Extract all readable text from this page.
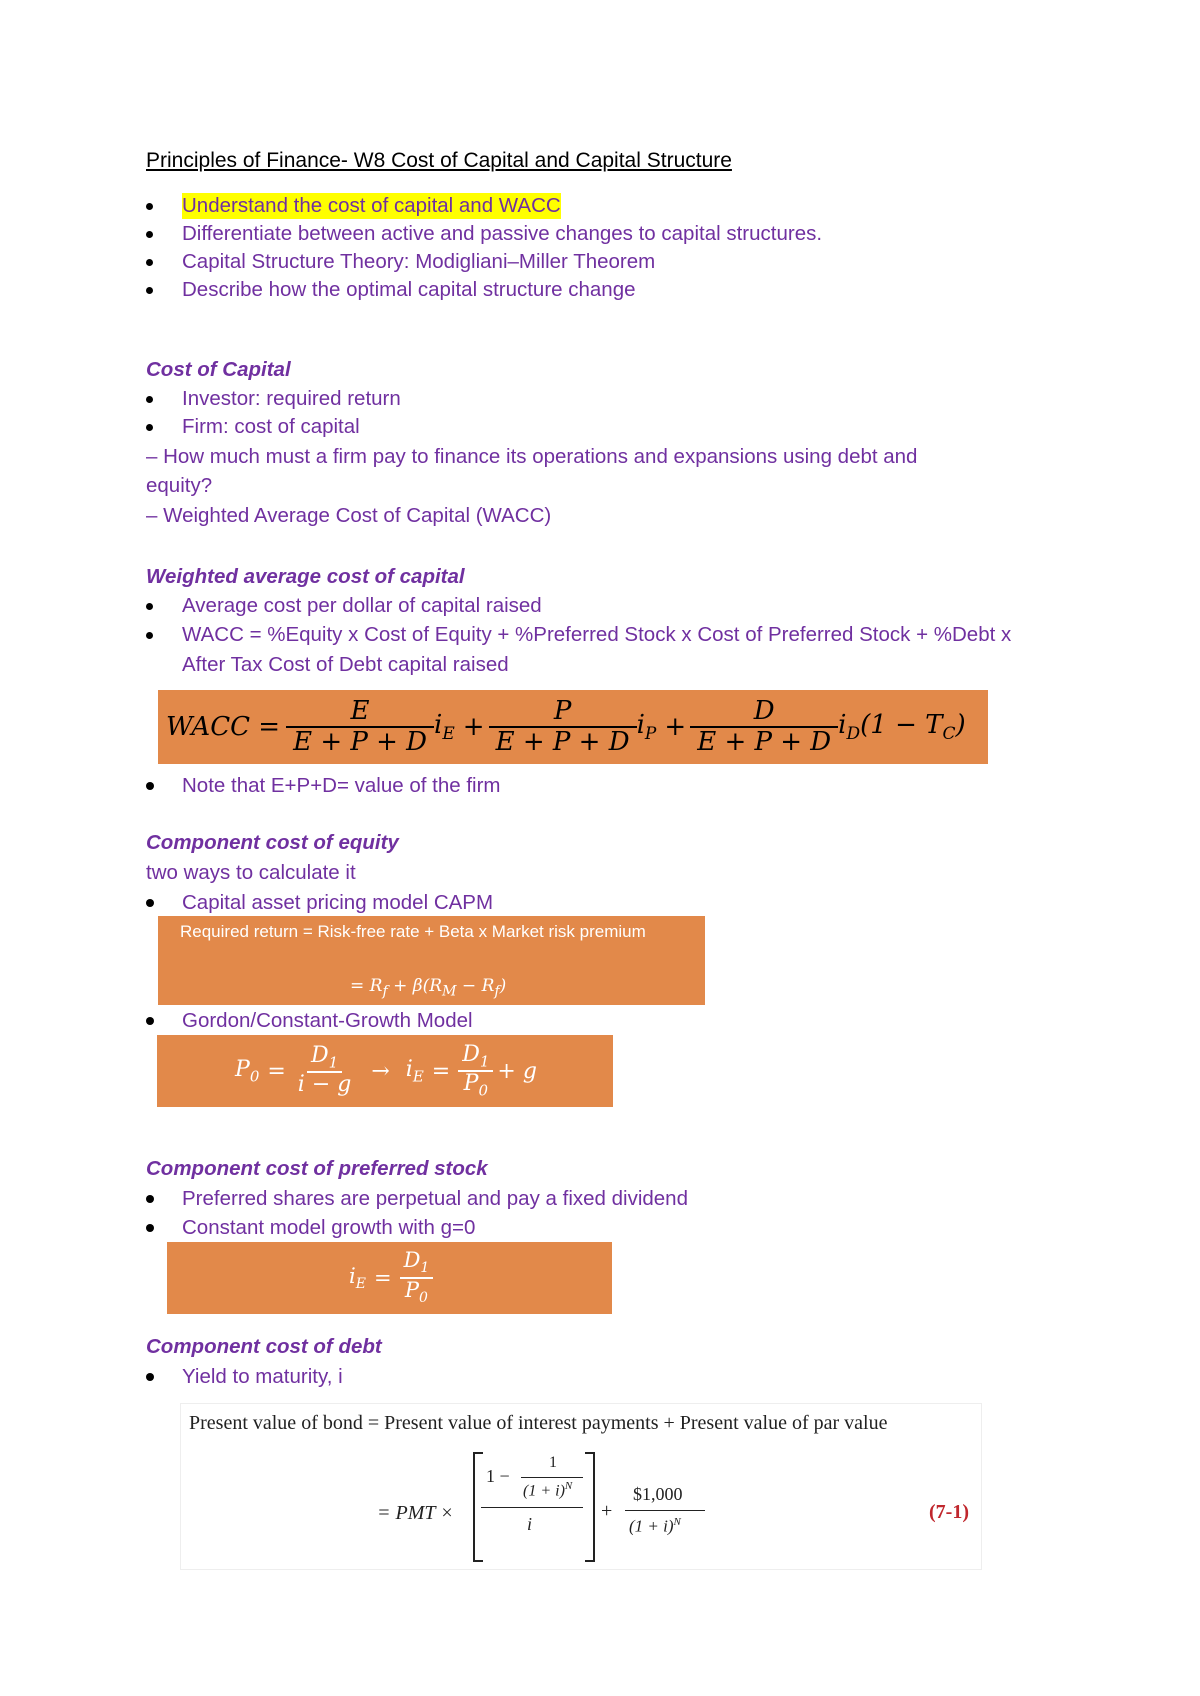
Principles of Finance- W8 Cost of Capital and Capital Structure
Understand the cost of capital and WACC
Differentiate between active and passive changes to capital structures.
Capital Structure Theory: Modigliani–Miller Theorem
Describe how the optimal capital structure change
Cost of Capital
Investor: required return
Firm: cost of capital
– How much must a firm pay to finance its operations and expansions using debt and
equity?
– Weighted Average Cost of Capital (WACC)
Weighted average cost of capital
Average cost per dollar of capital raised
WACC = %Equity x Cost of Equity + %Preferred Stock x Cost of Preferred Stock + %Debt x
After Tax Cost of Debt capital raised
WACC = $\frac{E}{E + P + D} i_E + \frac{P}{E + P + D} i_P + \frac{D}{E + P + D} i_D$ $(1 - T_C)$
Note that E+P+D= value of the firm
Component cost of equity
two ways to calculate it
Capital asset pricing model CAPM
Required return = Risk-free rate + Beta x Market risk premium
= $R_f + \beta(R_M - R_f)$
Gordon/Constant-Growth Model
$P_0 = \frac{D_1}{i - g} \to i_E = \frac{D_1}{P_0} + g$
Component cost of preferred stock
Preferred shares are perpetual and pay a fixed dividend
Constant model growth with g=0
$i_E = \frac{D_1}{P_0}$
Component cost of debt
Yield to maturity, i
Present value of bond = Present value of interest payments + Present value of par value
= PMT ×
1 −
1
$(1 + i)^N$
i
+
$1,000
$(1 + i)^N$	(7-1)
